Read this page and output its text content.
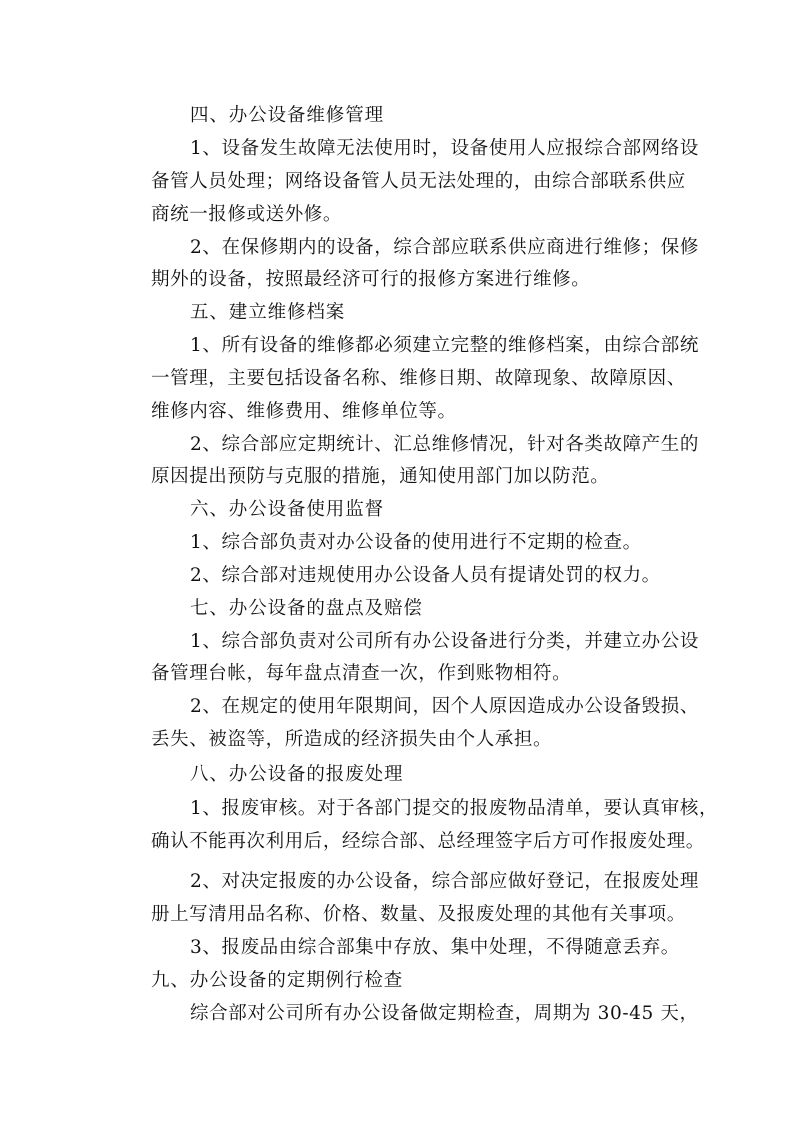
四、办公设备维修管理
1、设备发生故障无法使用时，设备使用人应报综合部网络设
备管人员处理；网络设备管人员无法处理的，由综合部联系供应
商统一报修或送外修。
2、在保修期内的设备，综合部应联系供应商进行维修；保修
期外的设备，按照最经济可行的报修方案进行维修。
五、建立维修档案
1、所有设备的维修都必须建立完整的维修档案，由综合部统
一管理，主要包括设备名称、维修日期、故障现象、故障原因、
维修内容、维修费用、维修单位等。
2、综合部应定期统计、汇总维修情况，针对各类故障产生的
原因提出预防与克服的措施，通知使用部门加以防范。
六、办公设备使用监督
1、综合部负责对办公设备的使用进行不定期的检查。
2、综合部对违规使用办公设备人员有提请处罚的权力。
七、办公设备的盘点及赔偿
1、综合部负责对公司所有办公设备进行分类，并建立办公设
备管理台帐，每年盘点清查一次，作到账物相符。
2、在规定的使用年限期间，因个人原因造成办公设备毁损、
丢失、被盗等，所造成的经济损失由个人承担。
八、办公设备的报废处理
1、报废审核。对于各部门提交的报废物品清单，要认真审核，
确认不能再次利用后，经综合部、总经理签字后方可作报废处理。
2、对决定报废的办公设备，综合部应做好登记，在报废处理
册上写清用品名称、价格、数量、及报废处理的其他有关事项。
3、报废品由综合部集中存放、集中处理，不得随意丢弃。
九、办公设备的定期例行检查
综合部对公司所有办公设备做定期检查，周期为 30-45 天，
